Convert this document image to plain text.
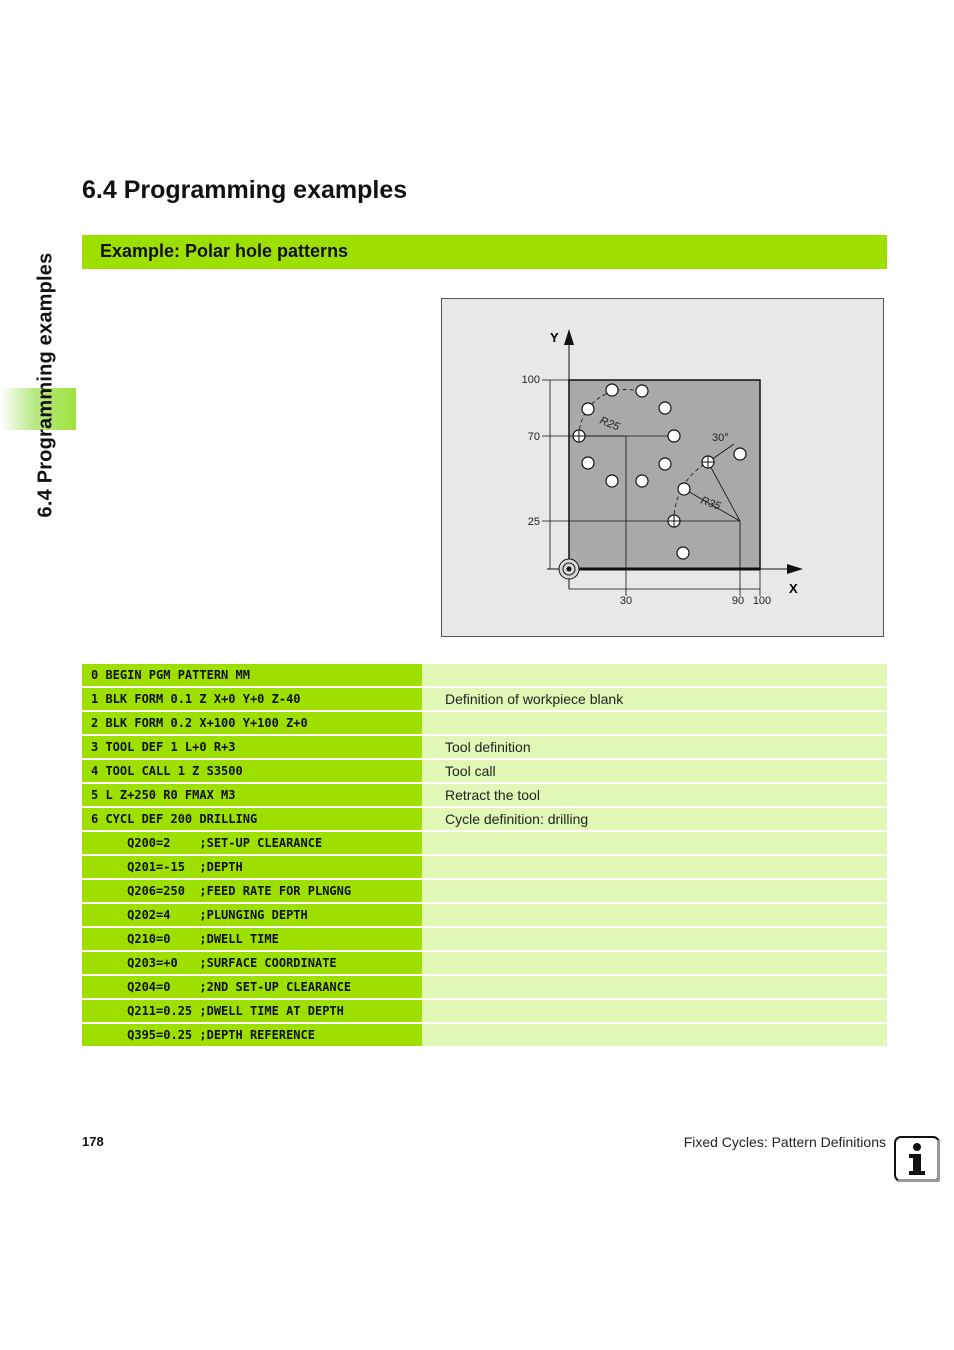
6.4 Programming examples
6.4 Programming examples
Example: Polar hole patterns
Y
X
100
70
25
30	90 100
30°
R25
R35
0 BEGIN PGM PATTERN MM
1 BLK FORM 0.1 Z X+0 Y+0 Z-40	Definition of workpiece blank
2 BLK FORM 0.2 X+100 Y+100 Z+0
3 TOOL DEF 1 L+0 R+3	Tool definition
4 TOOL CALL 1 Z S3500	Tool call
5 L Z+250 R0 FMAX M3	Retract the tool
6 CYCL DEF 200 DRILLING	Cycle definition: drilling
Q200=2    ;SET-UP CLEARANCE
Q201=-15  ;DEPTH
Q206=250  ;FEED RATE FOR PLNGNG
Q202=4    ;PLUNGING DEPTH
Q210=0    ;DWELL TIME
Q203=+0   ;SURFACE COORDINATE
Q204=0    ;2ND SET-UP CLEARANCE
Q211=0.25 ;DWELL TIME AT DEPTH
Q395=0.25 ;DEPTH REFERENCE
178	Fixed Cycles: Pattern Definitions
